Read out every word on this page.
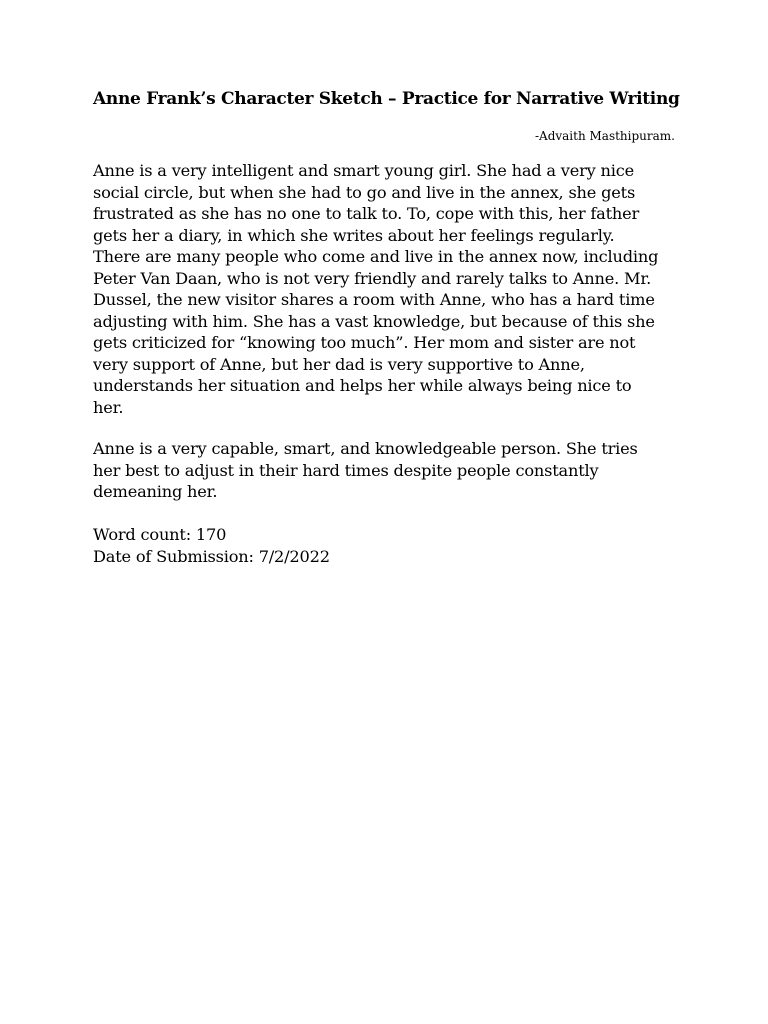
Anne Frank’s Character Sketch – Practice for Narrative Writing
-Advaith Masthipuram.

Anne is a very intelligent and smart young girl. She had a very nice
social circle, but when she had to go and live in the annex, she gets
frustrated as she has no one to talk to. To, cope with this, her father
gets her a diary, in which she writes about her feelings regularly.
There are many people who come and live in the annex now, including
Peter Van Daan, who is not very friendly and rarely talks to Anne. Mr.
Dussel, the new visitor shares a room with Anne, who has a hard time
adjusting with him. She has a vast knowledge, but because of this she
gets criticized for “knowing too much”. Her mom and sister are not
very support of Anne, but her dad is very supportive to Anne,
understands her situation and helps her while always being nice to
her.

Anne is a very capable, smart, and knowledgeable person. She tries
her best to adjust in their hard times despite people constantly
demeaning her.

Word count: 170
Date of Submission: 7/2/2022
